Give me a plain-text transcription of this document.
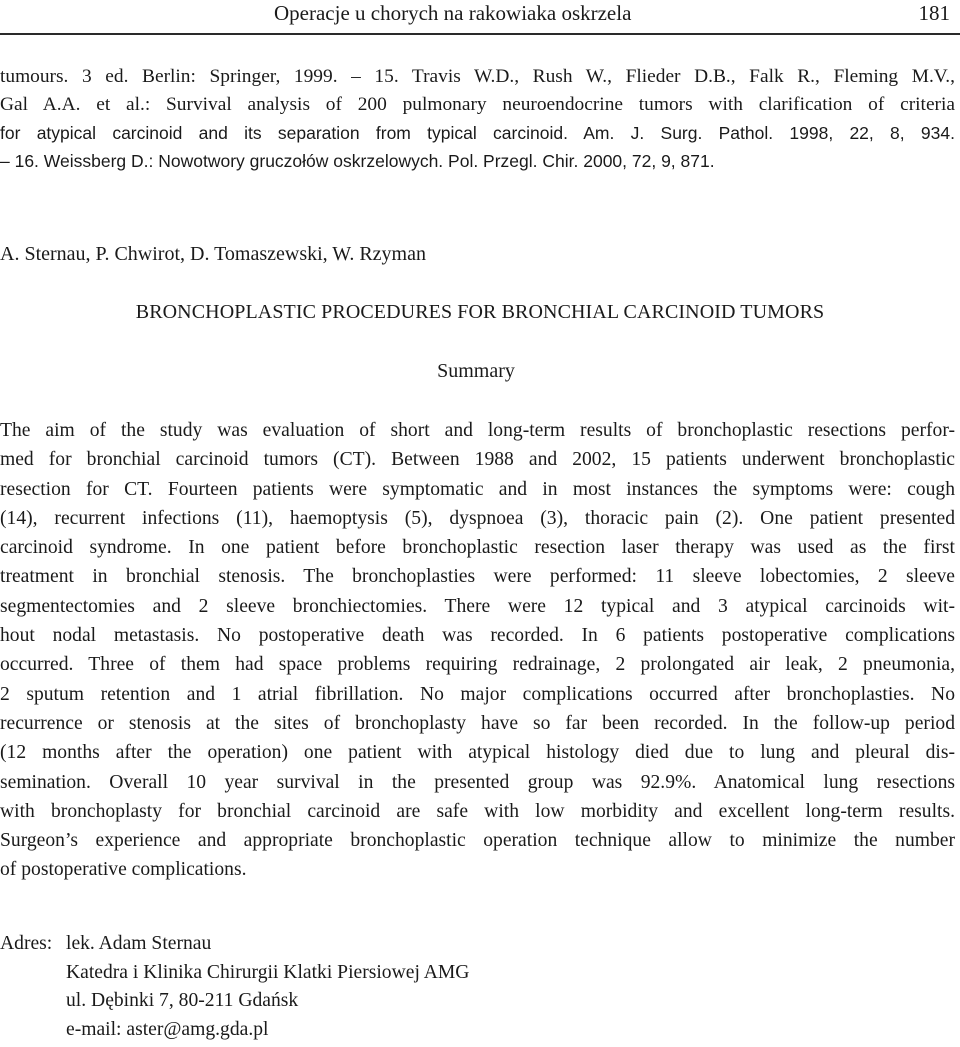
Operacje u chorych na rakowiaka oskrzela	181
tumours. 3 ed. Berlin: Springer, 1999. – 15. Travis W.D., Rush W., Flieder D.B., Falk R., Fleming M.V.,
Gal A.A. et al.: Survival analysis of 200 pulmonary neuroendocrine tumors with clarification of criteria
for atypical carcinoid and its separation from typical carcinoid. Am. J. Surg. Pathol. 1998, 22, 8, 934.
– 16. Weissberg D.: Nowotwory gruczołów oskrzelowych. Pol. Przegl. Chir. 2000, 72, 9, 871.
A. Sternau, P. Chwirot, D. Tomaszewski, W. Rzyman
BRONCHOPLASTIC PROCEDURES FOR BRONCHIAL CARCINOID TUMORS
Summary
The aim of the study was evaluation of short and long-term results of bronchoplastic resections perfor-
med for bronchial carcinoid tumors (CT). Between 1988 and 2002, 15 patients underwent bronchoplastic
resection for CT. Fourteen patients were symptomatic and in most instances the symptoms were: cough
(14), recurrent infections (11), haemoptysis (5), dyspnoea (3), thoracic pain (2). One patient presented
carcinoid syndrome. In one patient before bronchoplastic resection laser therapy was used as the first
treatment in bronchial stenosis. The bronchoplasties were performed: 11 sleeve lobectomies, 2 sleeve
segmentectomies and 2 sleeve bronchiectomies. There were 12 typical and 3 atypical carcinoids wit-
hout nodal metastasis. No postoperative death was recorded. In 6 patients postoperative complications
occurred. Three of them had space problems requiring redrainage, 2 prolongated air leak, 2 pneumonia,
2 sputum retention and 1 atrial fibrillation. No major complications occurred after bronchoplasties. No
recurrence or stenosis at the sites of bronchoplasty have so far been recorded. In the follow-up period
(12 months after the operation) one patient with atypical histology died due to lung and pleural dis-
semination. Overall 10 year survival in the presented group was 92.9%. Anatomical lung resections
with bronchoplasty for bronchial carcinoid are safe with low morbidity and excellent long-term results.
Surgeon’s experience and appropriate bronchoplastic operation technique allow to minimize the number
of postoperative complications.
Adres: lek. Adam Sternau
Katedra i Klinika Chirurgii Klatki Piersiowej AMG
ul. Dębinki 7, 80-211 Gdańsk
e-mail: aster@amg.gda.pl
